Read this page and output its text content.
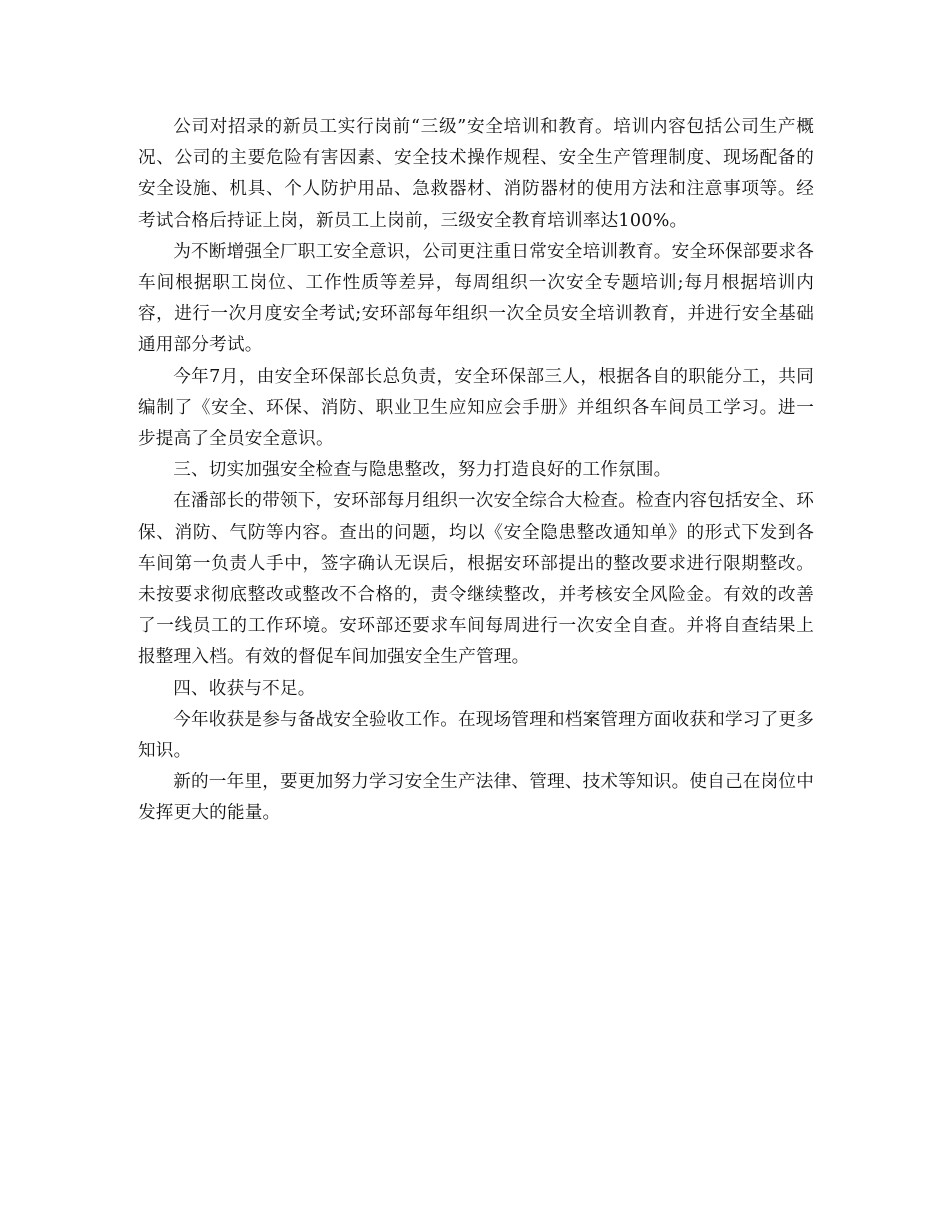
公司对招录的新员工实行岗前“三级”安全培训和教育。培训内容包括公司生产概况、公司的主要危险有害因素、安全技术操作规程、安全生产管理制度、现场配备的安全设施、机具、个人防护用品、急救器材、消防器材的使用方法和注意事项等。经考试合格后持证上岗，新员工上岗前，三级安全教育培训率达100%。

为不断增强全厂职工安全意识，公司更注重日常安全培训教育。安全环保部要求各车间根据职工岗位、工作性质等差异，每周组织一次安全专题培训;每月根据培训内容，进行一次月度安全考试;安环部每年组织一次全员安全培训教育，并进行安全基础通用部分考试。

今年7月，由安全环保部长总负责，安全环保部三人，根据各自的职能分工，共同编制了《安全、环保、消防、职业卫生应知应会手册》并组织各车间员工学习。进一步提高了全员安全意识。

三、切实加强安全检查与隐患整改，努力打造良好的工作氛围。

在潘部长的带领下，安环部每月组织一次安全综合大检查。检查内容包括安全、环保、消防、气防等内容。查出的问题，均以《安全隐患整改通知单》的形式下发到各车间第一负责人手中，签字确认无误后，根据安环部提出的整改要求进行限期整改。未按要求彻底整改或整改不合格的，责令继续整改，并考核安全风险金。有效的改善了一线员工的工作环境。安环部还要求车间每周进行一次安全自查。并将自查结果上报整理入档。有效的督促车间加强安全生产管理。

四、收获与不足。

今年收获是参与备战安全验收工作。在现场管理和档案管理方面收获和学习了更多知识。

新的一年里，要更加努力学习安全生产法律、管理、技术等知识。使自己在岗位中发挥更大的能量。
